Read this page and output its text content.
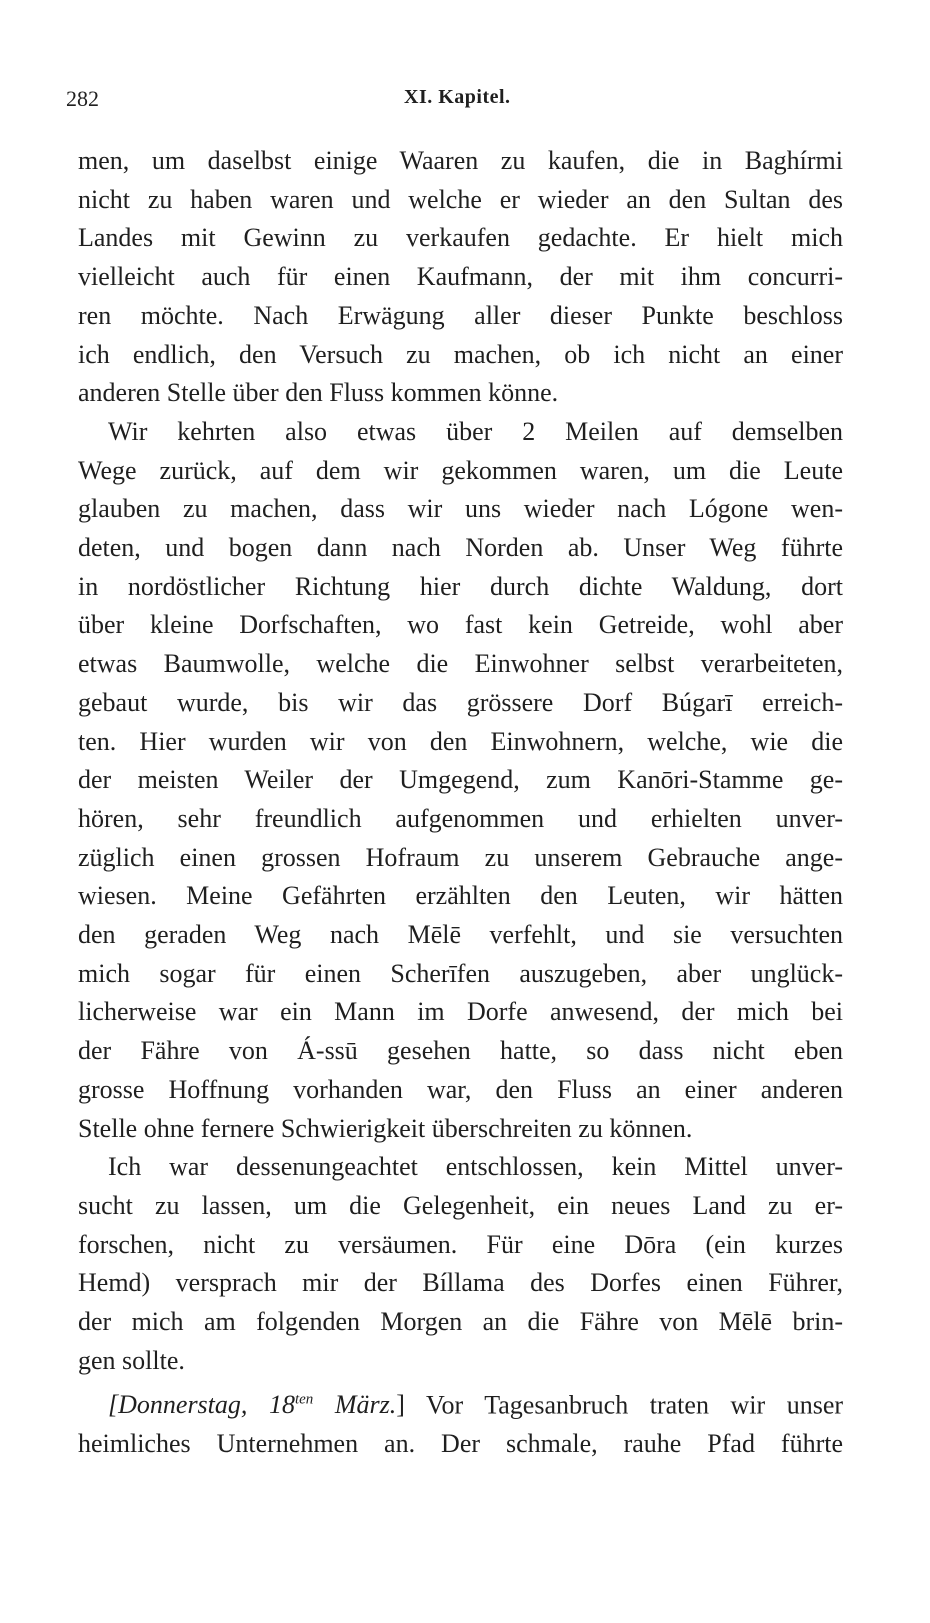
282	XI. Kapitel.

men, um daselbst einige Waaren zu kaufen, die in Baghírmi
nicht zu haben waren und welche er wieder an den Sultan des
Landes mit Gewinn zu verkaufen gedachte. Er hielt mich
vielleicht auch für einen Kaufmann, der mit ihm concurri-
ren möchte. Nach Erwägung aller dieser Punkte beschloss
ich endlich, den Versuch zu machen, ob ich nicht an einer
anderen Stelle über den Fluss kommen könne.

Wir kehrten also etwas über 2 Meilen auf demselben
Wege zurück, auf dem wir gekommen waren, um die Leute
glauben zu machen, dass wir uns wieder nach Lógone wen-
deten, und bogen dann nach Norden ab. Unser Weg führte
in nordöstlicher Richtung hier durch dichte Waldung, dort
über kleine Dorfschaften, wo fast kein Getreide, wohl aber
etwas Baumwolle, welche die Einwohner selbst verarbeiteten,
gebaut wurde, bis wir das grössere Dorf Búgarī erreich-
ten. Hier wurden wir von den Einwohnern, welche, wie die
der meisten Weiler der Umgegend, zum Kanōri-Stamme ge-
hören, sehr freundlich aufgenommen und erhielten unver-
züglich einen grossen Hofraum zu unserem Gebrauche ange-
wiesen. Meine Gefährten erzählten den Leuten, wir hätten
den geraden Weg nach Mēlē verfehlt, und sie versuchten
mich sogar für einen Scherīfen auszugeben, aber unglück-
licherweise war ein Mann im Dorfe anwesend, der mich bei
der Fähre von Á-ssū gesehen hatte, so dass nicht eben
grosse Hoffnung vorhanden war, den Fluss an einer anderen
Stelle ohne fernere Schwierigkeit überschreiten zu können.

Ich war dessenungeachtet entschlossen, kein Mittel unver-
sucht zu lassen, um die Gelegenheit, ein neues Land zu er-
forschen, nicht zu versäumen. Für eine Dōra (ein kurzes
Hemd) versprach mir der Bíllama des Dorfes einen Führer,
der mich am folgenden Morgen an die Fähre von Mēlē brin-
gen sollte.

[Donnerstag, $18^{ten}$ März.] Vor Tagesanbruch traten wir unser
heimliches Unternehmen an. Der schmale, rauhe Pfad führte
